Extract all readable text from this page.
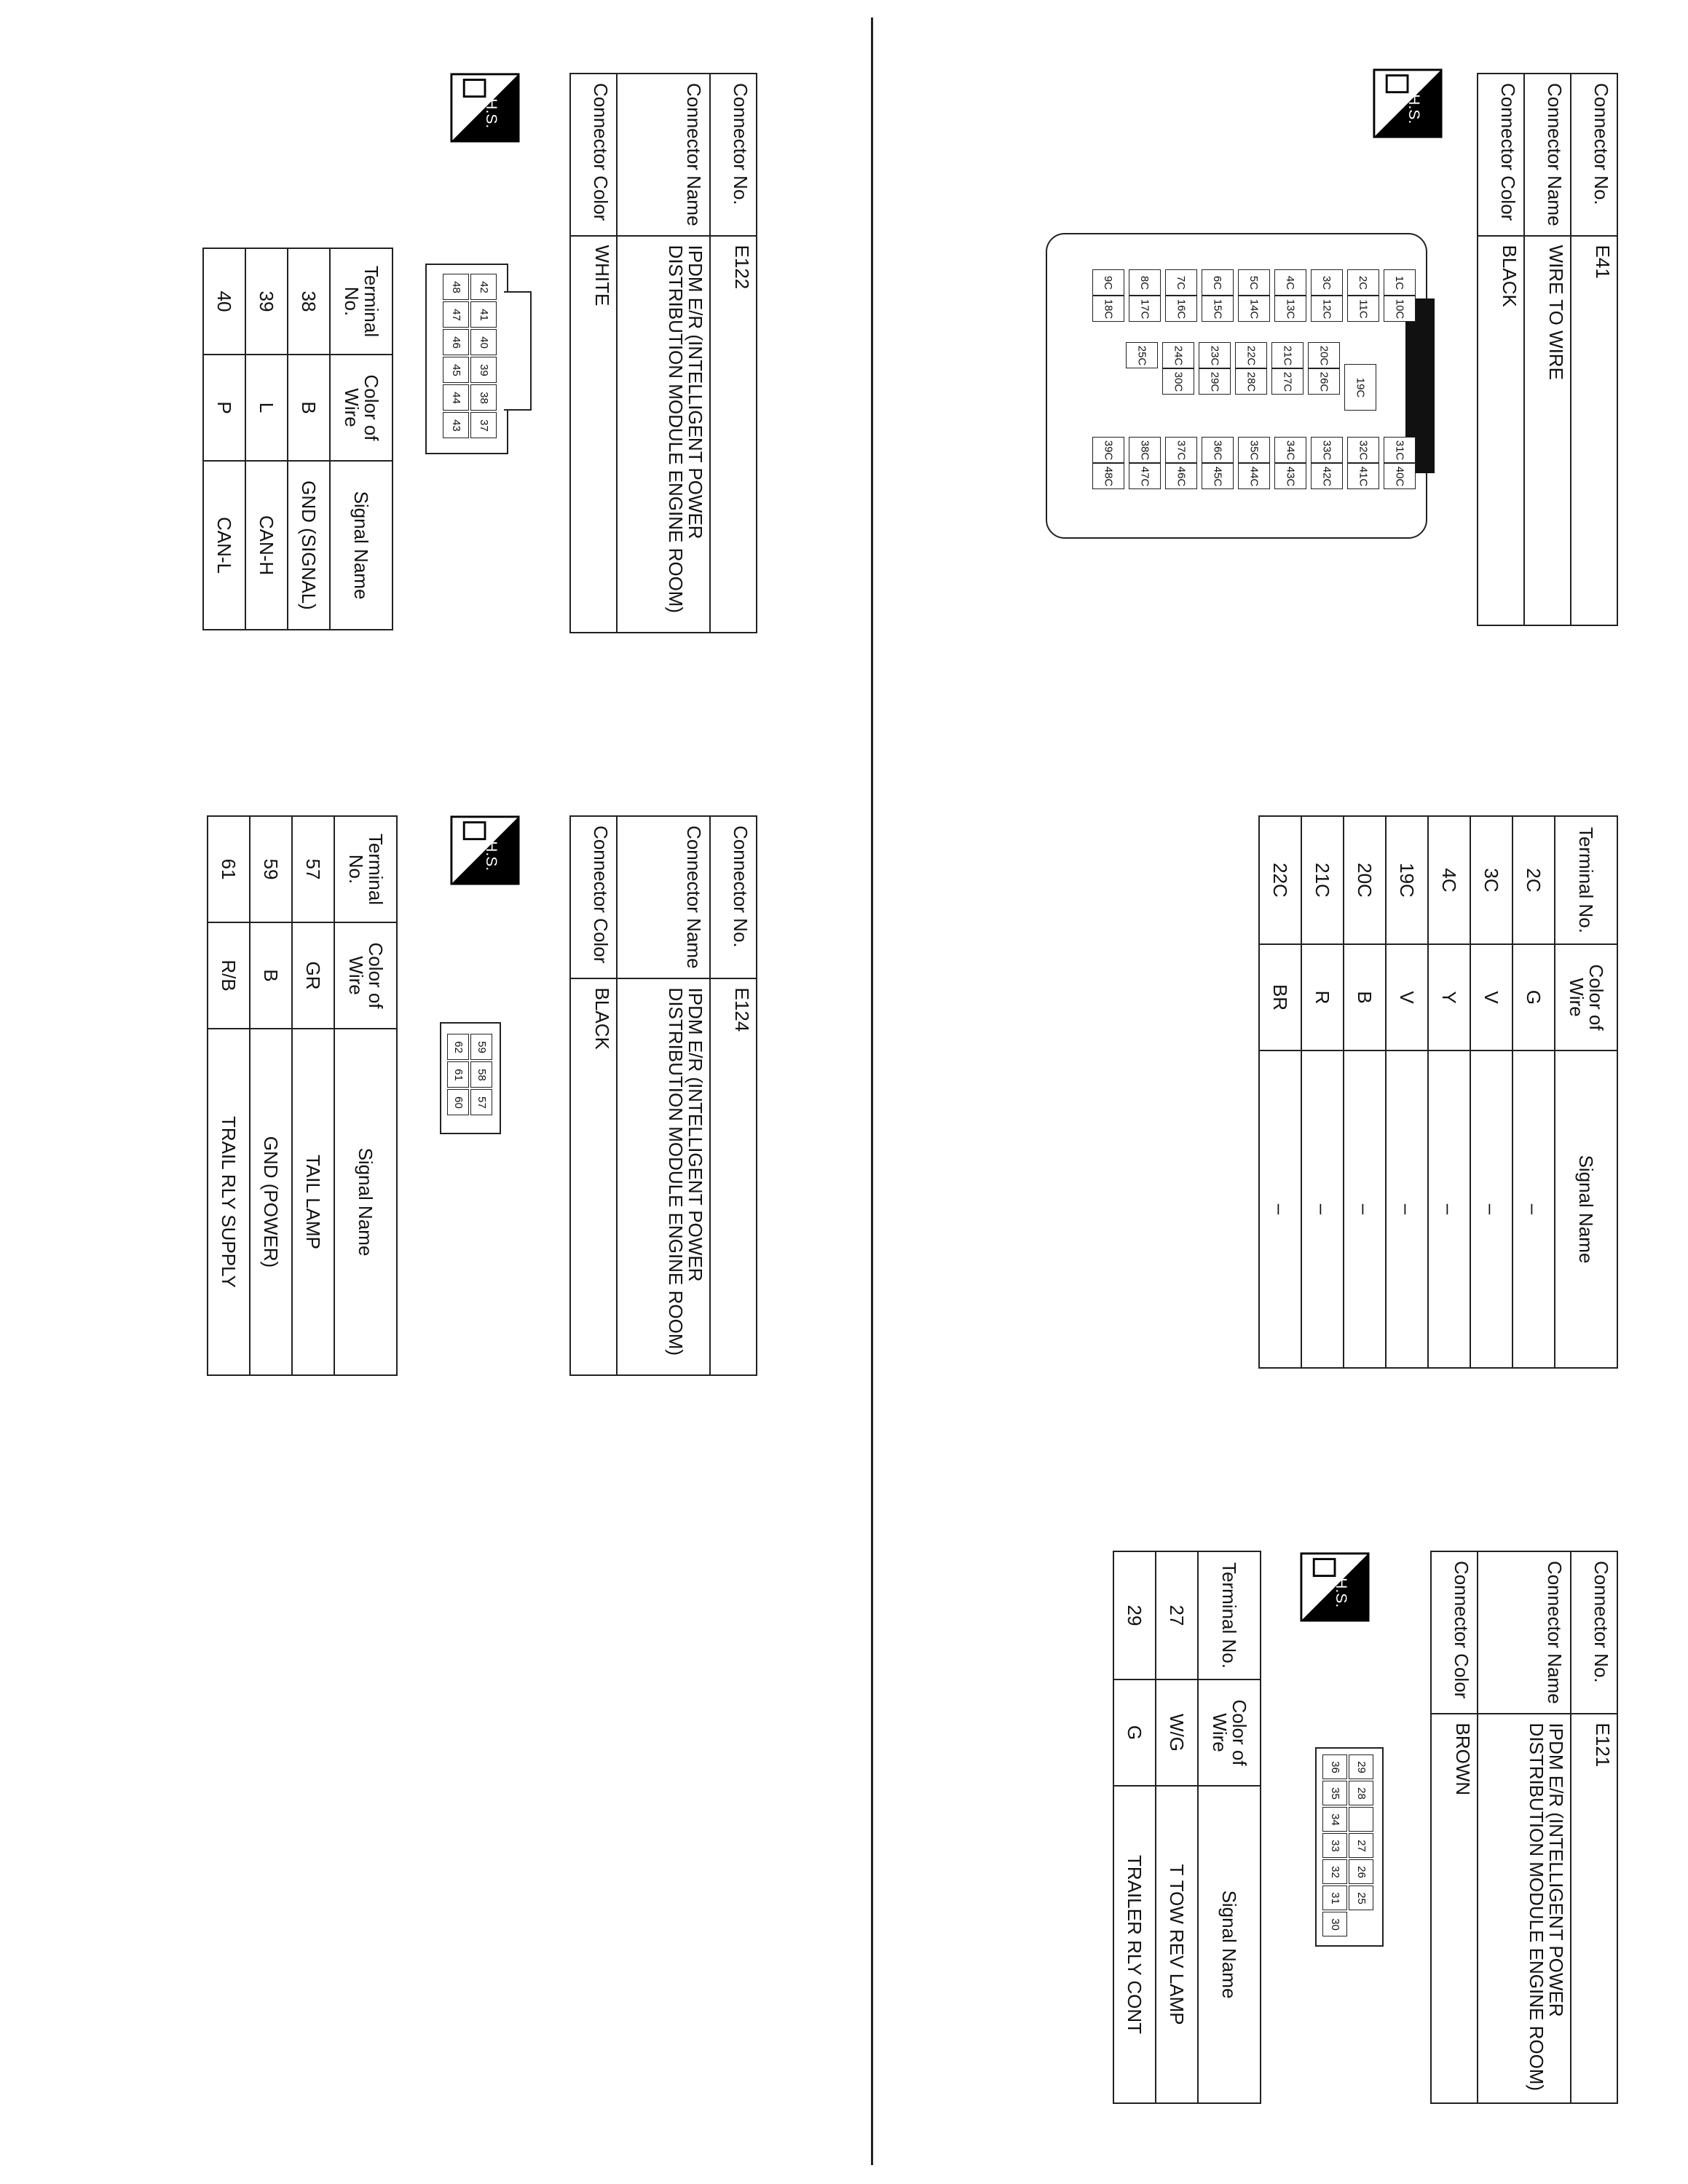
Connector No.	E41
Connector Name	WIRE TO WIRE
Connector Color	BLACK
H.S.
1C
2C
3C
4C
5C
6C
7C
8C
9C
10C
11C
12C
13C
14C
15C
16C
17C
18C
19C
20C
21C
22C
23C
24C
25C
26C
27C
28C
29C
30C
31C
32C
33C
34C
35C
36C
37C
38C
39C
40C
41C
42C
43C
44C
45C
46C
47C
48C
Terminal No.	Color of Wire	Signal Name
2C	G	–
3C	V	–
4C	Y	–
19C	V	–
20C	B	–
21C	R	–
22C	BR	–
Connector No.	E121
Connector Name	IPDM E/R (INTELLIGENT POWER DISTRIBUTION MODULE ENGINE ROOM)
Connector Color	BROWN
H.S.
29
28
27
26
25
36
35
34
33
32
31
30
Terminal No.	Color of Wire	Signal Name
27	W/G	T TOW REV LAMP
29	G	TRAILER RLY CONT
Connector No.	E122
Connector Name	IPDM E/R (INTELLIGENT POWER DISTRIBUTION MODULE ENGINE ROOM)
Connector Color	WHITE
H.S.
42
41
40
39
38
37
48
47
46
45
44
43
Terminal No.	Color of Wire	Signal Name
38	B	GND (SIGNAL)
39	L	CAN-H
40	P	CAN-L
Connector No.	E124
Connector Name	IPDM E/R (INTELLIGENT POWER DISTRIBUTION MODULE ENGINE ROOM)
Connector Color	BLACK
H.S.
59
58
57
62
61
60
Terminal No.	Color of Wire	Signal Name
57	GR	TAIL LAMP
59	B	GND (POWER)
61	R/B	TRAIL RLY SUPPLY
